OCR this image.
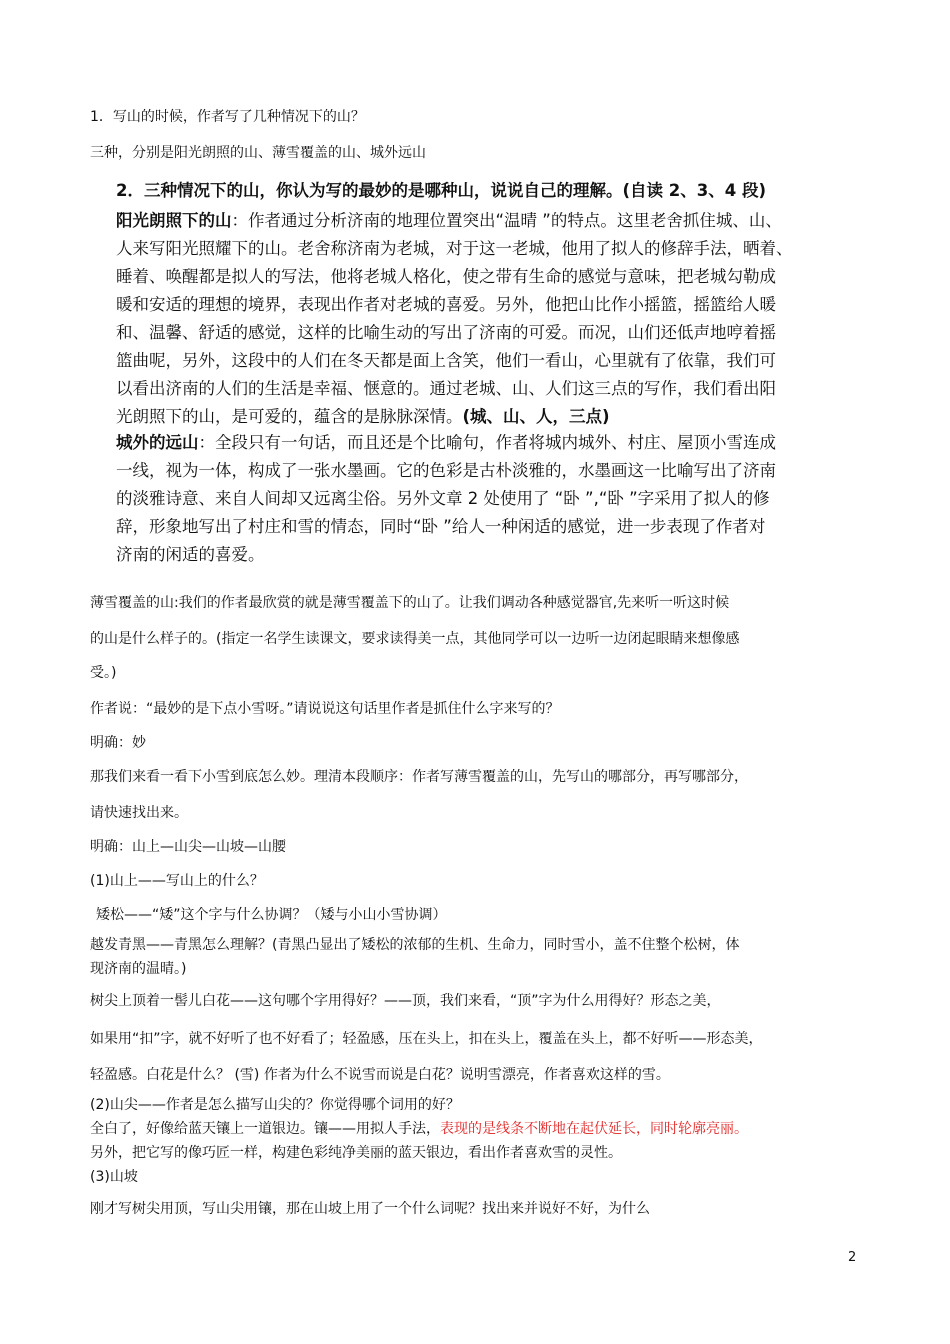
1．写山的时候，作者写了几种情况下的山？
三种，分别是阳光朗照的山、薄雪覆盖的山、城外远山
2．三种情况下的山，你认为写的最妙的是哪种山，说说自己的理解。(自读 2、3、4 段)
阳光朗照下的山：作者通过分析济南的地理位置突出“温晴 ”的特点。这里老舍抓住城、山、
人来写阳光照耀下的山。老舍称济南为老城，对于这一老城，他用了拟人的修辞手法，晒着、
睡着、唤醒都是拟人的写法，他将老城人格化，使之带有生命的感觉与意味，把老城勾勒成
暖和安适的理想的境界，表现出作者对老城的喜爱。另外，他把山比作小摇篮，摇篮给人暖
和、温馨、舒适的感觉，这样的比喻生动的写出了济南的可爱。而况，山们还低声地哼着摇
篮曲呢，另外，这段中的人们在冬天都是面上含笑，他们一看山，心里就有了依靠，我们可
以看出济南的人们的生活是幸福、惬意的。通过老城、山、人们这三点的写作，我们看出阳
光朗照下的山，是可爱的，蕴含的是脉脉深情。(城、山、人，三点)
城外的远山：全段只有一句话，而且还是个比喻句，作者将城内城外、村庄、屋顶小雪连成
一线，视为一体，构成了一张水墨画。它的色彩是古朴淡雅的，水墨画这一比喻写出了济南
的淡雅诗意、来自人间却又远离尘俗。另外文章 2 处使用了 “卧 ”,“卧 ”字采用了拟人的修
辞，形象地写出了村庄和雪的情态，同时“卧 ”给人一种闲适的感觉，进一步表现了作者对
济南的闲适的喜爱。
薄雪覆盖的山:我们的作者最欣赏的就是薄雪覆盖下的山了。让我们调动各种感觉器官,先来听一听这时候
的山是什么样子的。(指定一名学生读课文，要求读得美一点，其他同学可以一边听一边闭起眼睛来想像感
受。)
作者说：“最妙的是下点小雪呀。”请说说这句话里作者是抓住什么字来写的？
明确：妙
那我们来看一看下小雪到底怎么妙。理清本段顺序：作者写薄雪覆盖的山，先写山的哪部分，再写哪部分，
请快速找出来。
明确：山上—山尖—山坡—山腰
(1)山上——写山上的什么？
矮松——“矮”这个字与什么协调？（矮与小山小雪协调）
越发青黑——青黑怎么理解？(青黑凸显出了矮松的浓郁的生机、生命力，同时雪小，盖不住整个松树，体
现济南的温晴。)
树尖上顶着一髻儿白花——这句哪个字用得好？——顶，我们来看，“顶”字为什么用得好？形态之美，
如果用“扣”字，就不好听了也不好看了；轻盈感，压在头上，扣在头上，覆盖在头上，都不好听——形态美，
轻盈感。白花是什么？ (雪) 作者为什么不说雪而说是白花？说明雪漂亮，作者喜欢这样的雪。
(2)山尖——作者是怎么描写山尖的？你觉得哪个词用的好？
全白了，好像给蓝天镶上一道银边。镶——用拟人手法，表现的是线条不断地在起伏延长，同时轮廓亮丽。
另外，把它写的像巧匠一样，构建色彩纯净美丽的蓝天银边，看出作者喜欢雪的灵性。
(3)山坡
刚才写树尖用顶，写山尖用镶，那在山坡上用了一个什么词呢？找出来并说好不好，为什么
2
